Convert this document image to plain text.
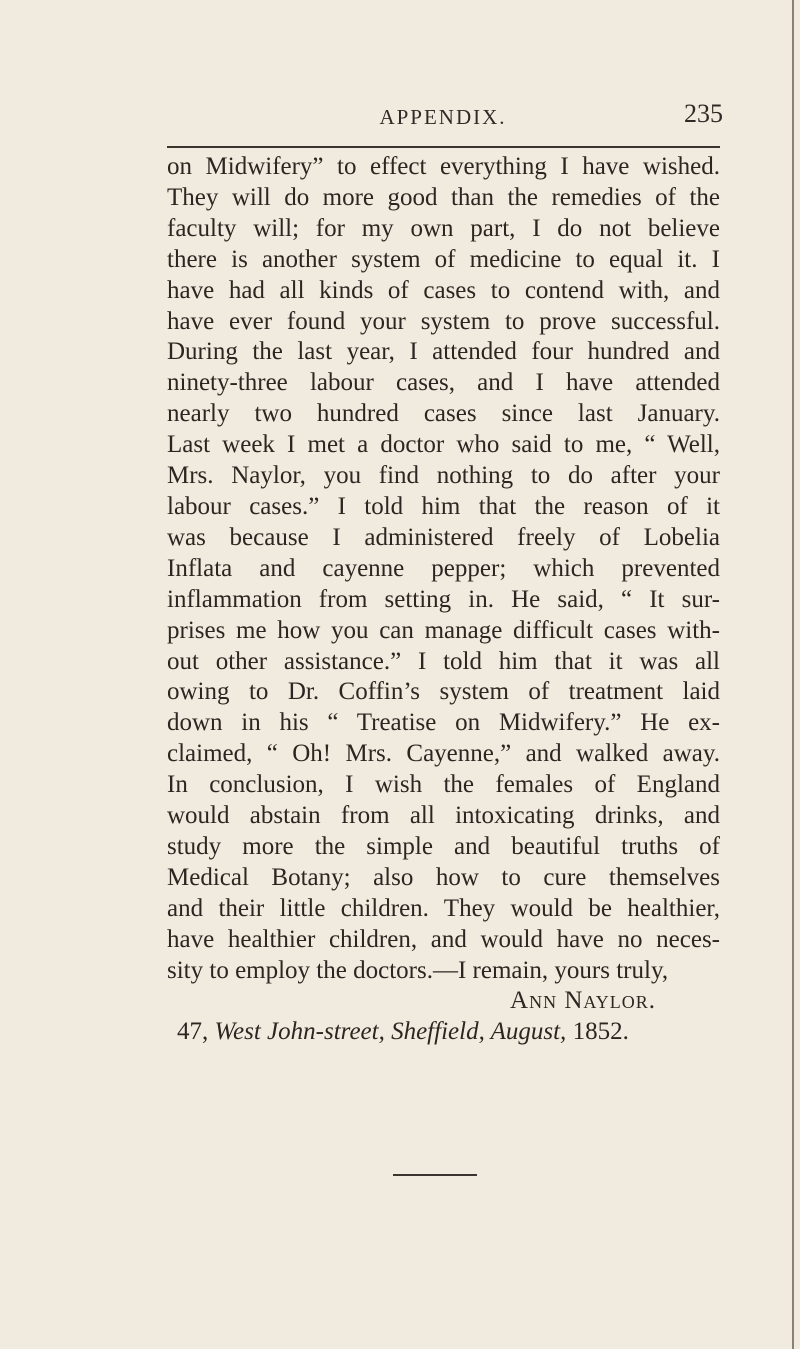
APPENDIX.	235
on Midwifery” to effect everything I have wished.
They will do more good than the remedies of the
faculty will; for my own part, I do not believe
there is another system of medicine to equal it. I
have had all kinds of cases to contend with, and
have ever found your system to prove successful.
During the last year, I attended four hundred and
ninety-three labour cases, and I have attended
nearly two hundred cases since last January.
Last week I met a doctor who said to me, “ Well,
Mrs. Naylor, you find nothing to do after your
labour cases.” I told him that the reason of it
was because I administered freely of Lobelia
Inflata and cayenne pepper; which prevented
inflammation from setting in. He said, “ It sur-
prises me how you can manage difficult cases with-
out other assistance.” I told him that it was all
owing to Dr. Coffin’s system of treatment laid
down in his “ Treatise on Midwifery.” He ex-
claimed, “ Oh! Mrs. Cayenne,” and walked away.
In conclusion, I wish the females of England
would abstain from all intoxicating drinks, and
study more the simple and beautiful truths of
Medical Botany; also how to cure themselves
and their little children. They would be healthier,
have healthier children, and would have no neces-
sity to employ the doctors.—I remain, yours truly,
Ann Naylor.
47, West John-street, Sheffield, August, 1852.
